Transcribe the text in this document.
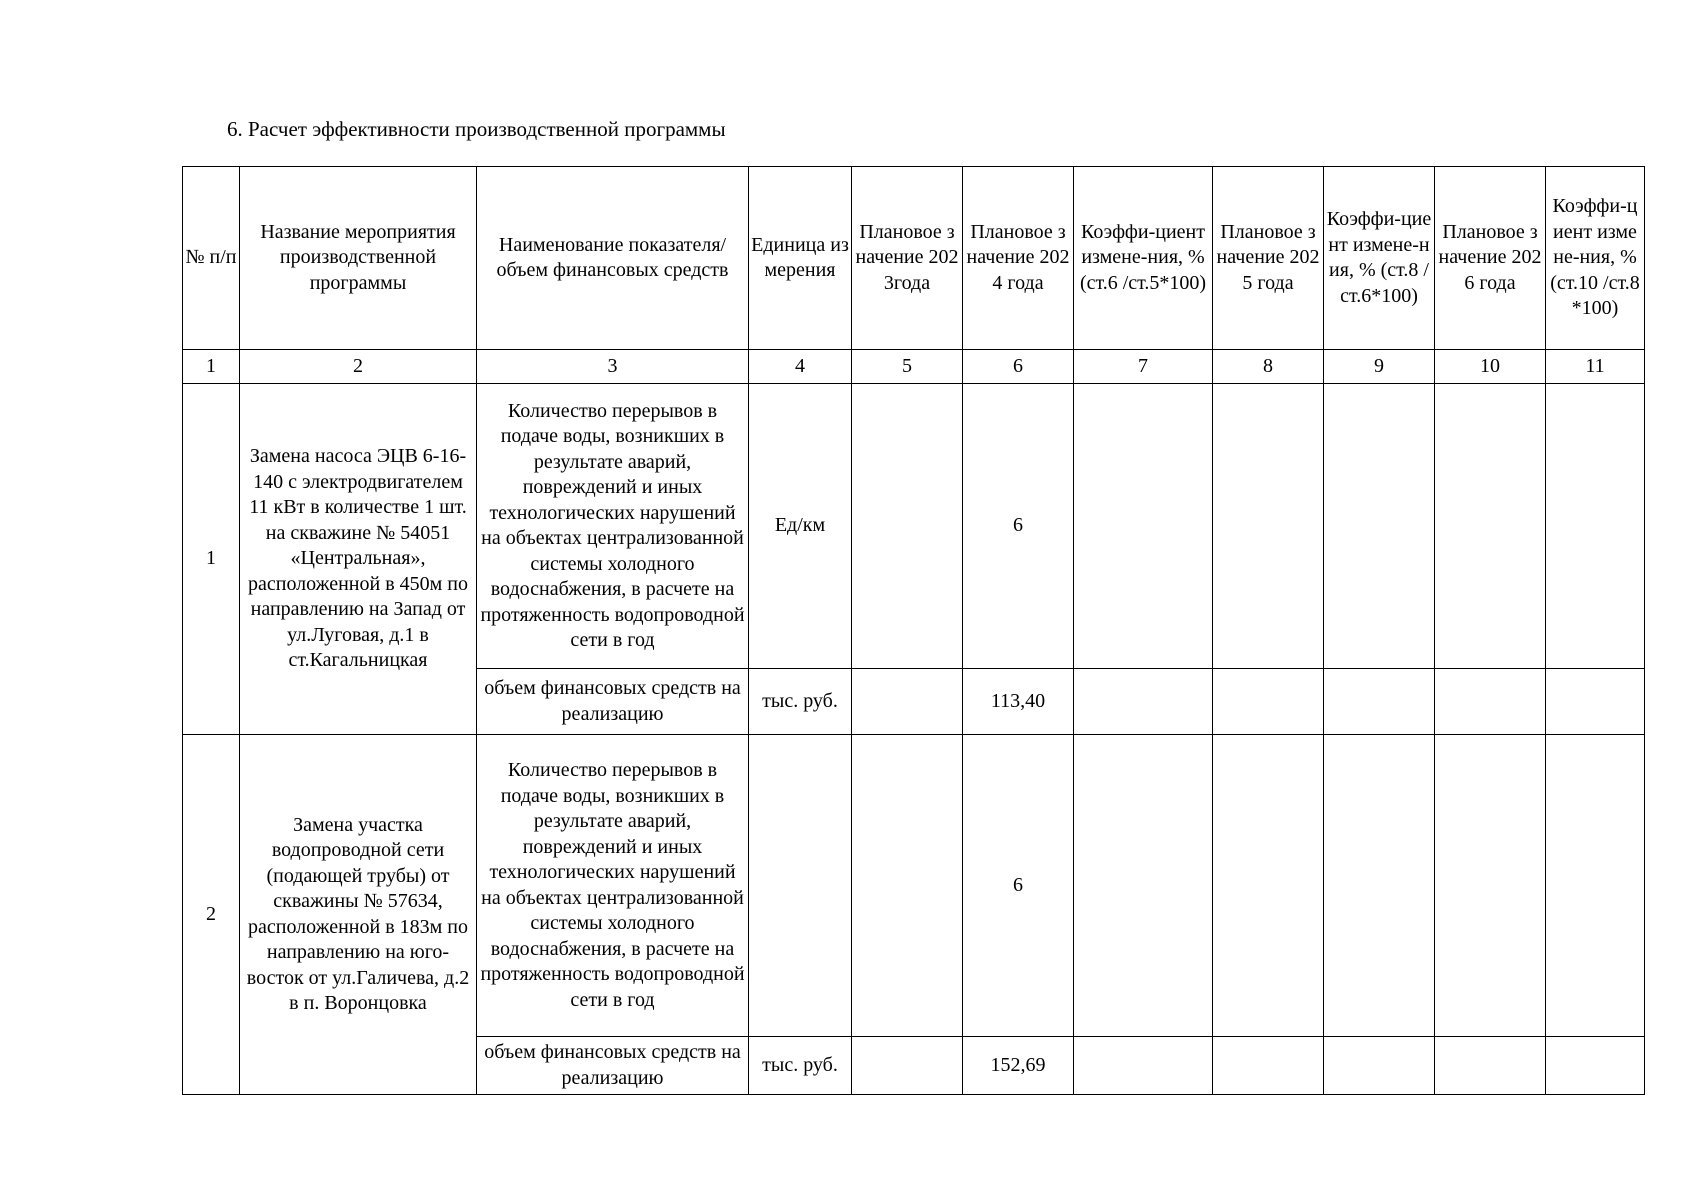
6. Расчет эффективности производственной программы
№ п/п	Название мероприятия производственной программы	Наименование показателя/ объем финансовых средств	Единица измерения	Плановое значение 2023года	Плановое значение 2024 года	Коэффи-циент измене-ния, %(ст.6 /ст.5*100)	Плановое значение 2025 года	Коэффи-циент измене-ния, % (ст.8 /ст.6*100)	Плановое значение 2026 года	Коэффи-циент измене-ния, % (ст.10 /ст.8*100)
1	2	3	4	5	6	7	8	9	10	11
1	Замена насоса ЭЦВ 6-16-140 с электродвигателем 11 кВт в количестве 1 шт. на скважине № 54051 «Центральная», расположенной в 450м по направлению на Запад от ул.Луговая, д.1 в ст.Кагальницкая	Количество перерывов в подаче воды, возникших в результате аварий, повреждений и иных технологических нарушений на объектах централизованной системы холодного водоснабжения, в расчете на протяженность водопроводной сети в год	Ед/км		6					
		объем финансовых средств на реализацию	тыс. руб.		113,40					
2	Замена участка водопроводной сети (подающей трубы) от скважины № 57634, расположенной в 183м по направлению на юго-восток от ул.Галичева, д.2 в п. Воронцовка	Количество перерывов в подаче воды, возникших в результате аварий, повреждений и иных технологических нарушений на объектах централизованной системы холодного водоснабжения, в расчете на протяженность водопроводной сети в год			6					
		объем финансовых средств на реализацию	тыс. руб.		152,69					
